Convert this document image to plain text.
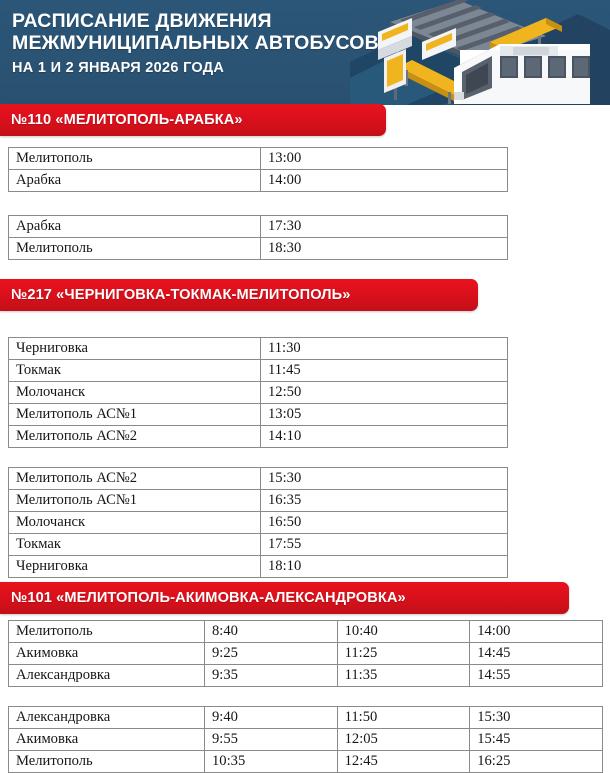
РАСПИСАНИЕ ДВИЖЕНИЯ
МЕЖМУНИЦИПАЛЬНЫХ АВТОБУСОВ
НА 1 И 2 ЯНВАРЯ 2026 ГОДА
№110 «МЕЛИТОПОЛЬ-АРАБКА»
Мелитополь	13:00
Арабка	14:00
Арабка	17:30
Мелитополь	18:30
№217 «ЧЕРНИГОВКА-ТОКМАК-МЕЛИТОПОЛЬ»
Черниговка	11:30
Токмак	11:45
Молочанск	12:50
Мелитополь АС№1	13:05
Мелитополь АС№2	14:10
Мелитополь АС№2	15:30
Мелитополь АС№1	16:35
Молочанск	16:50
Токмак	17:55
Черниговка	18:10
№101 «МЕЛИТОПОЛЬ-АКИМОВКА-АЛЕКСАНДРОВКА»
Мелитополь	8:40	10:40	14:00
Акимовка	9:25	11:25	14:45
Александровка	9:35	11:35	14:55
Александровка	9:40	11:50	15:30
Акимовка	9:55	12:05	15:45
Мелитополь	10:35	12:45	16:25
